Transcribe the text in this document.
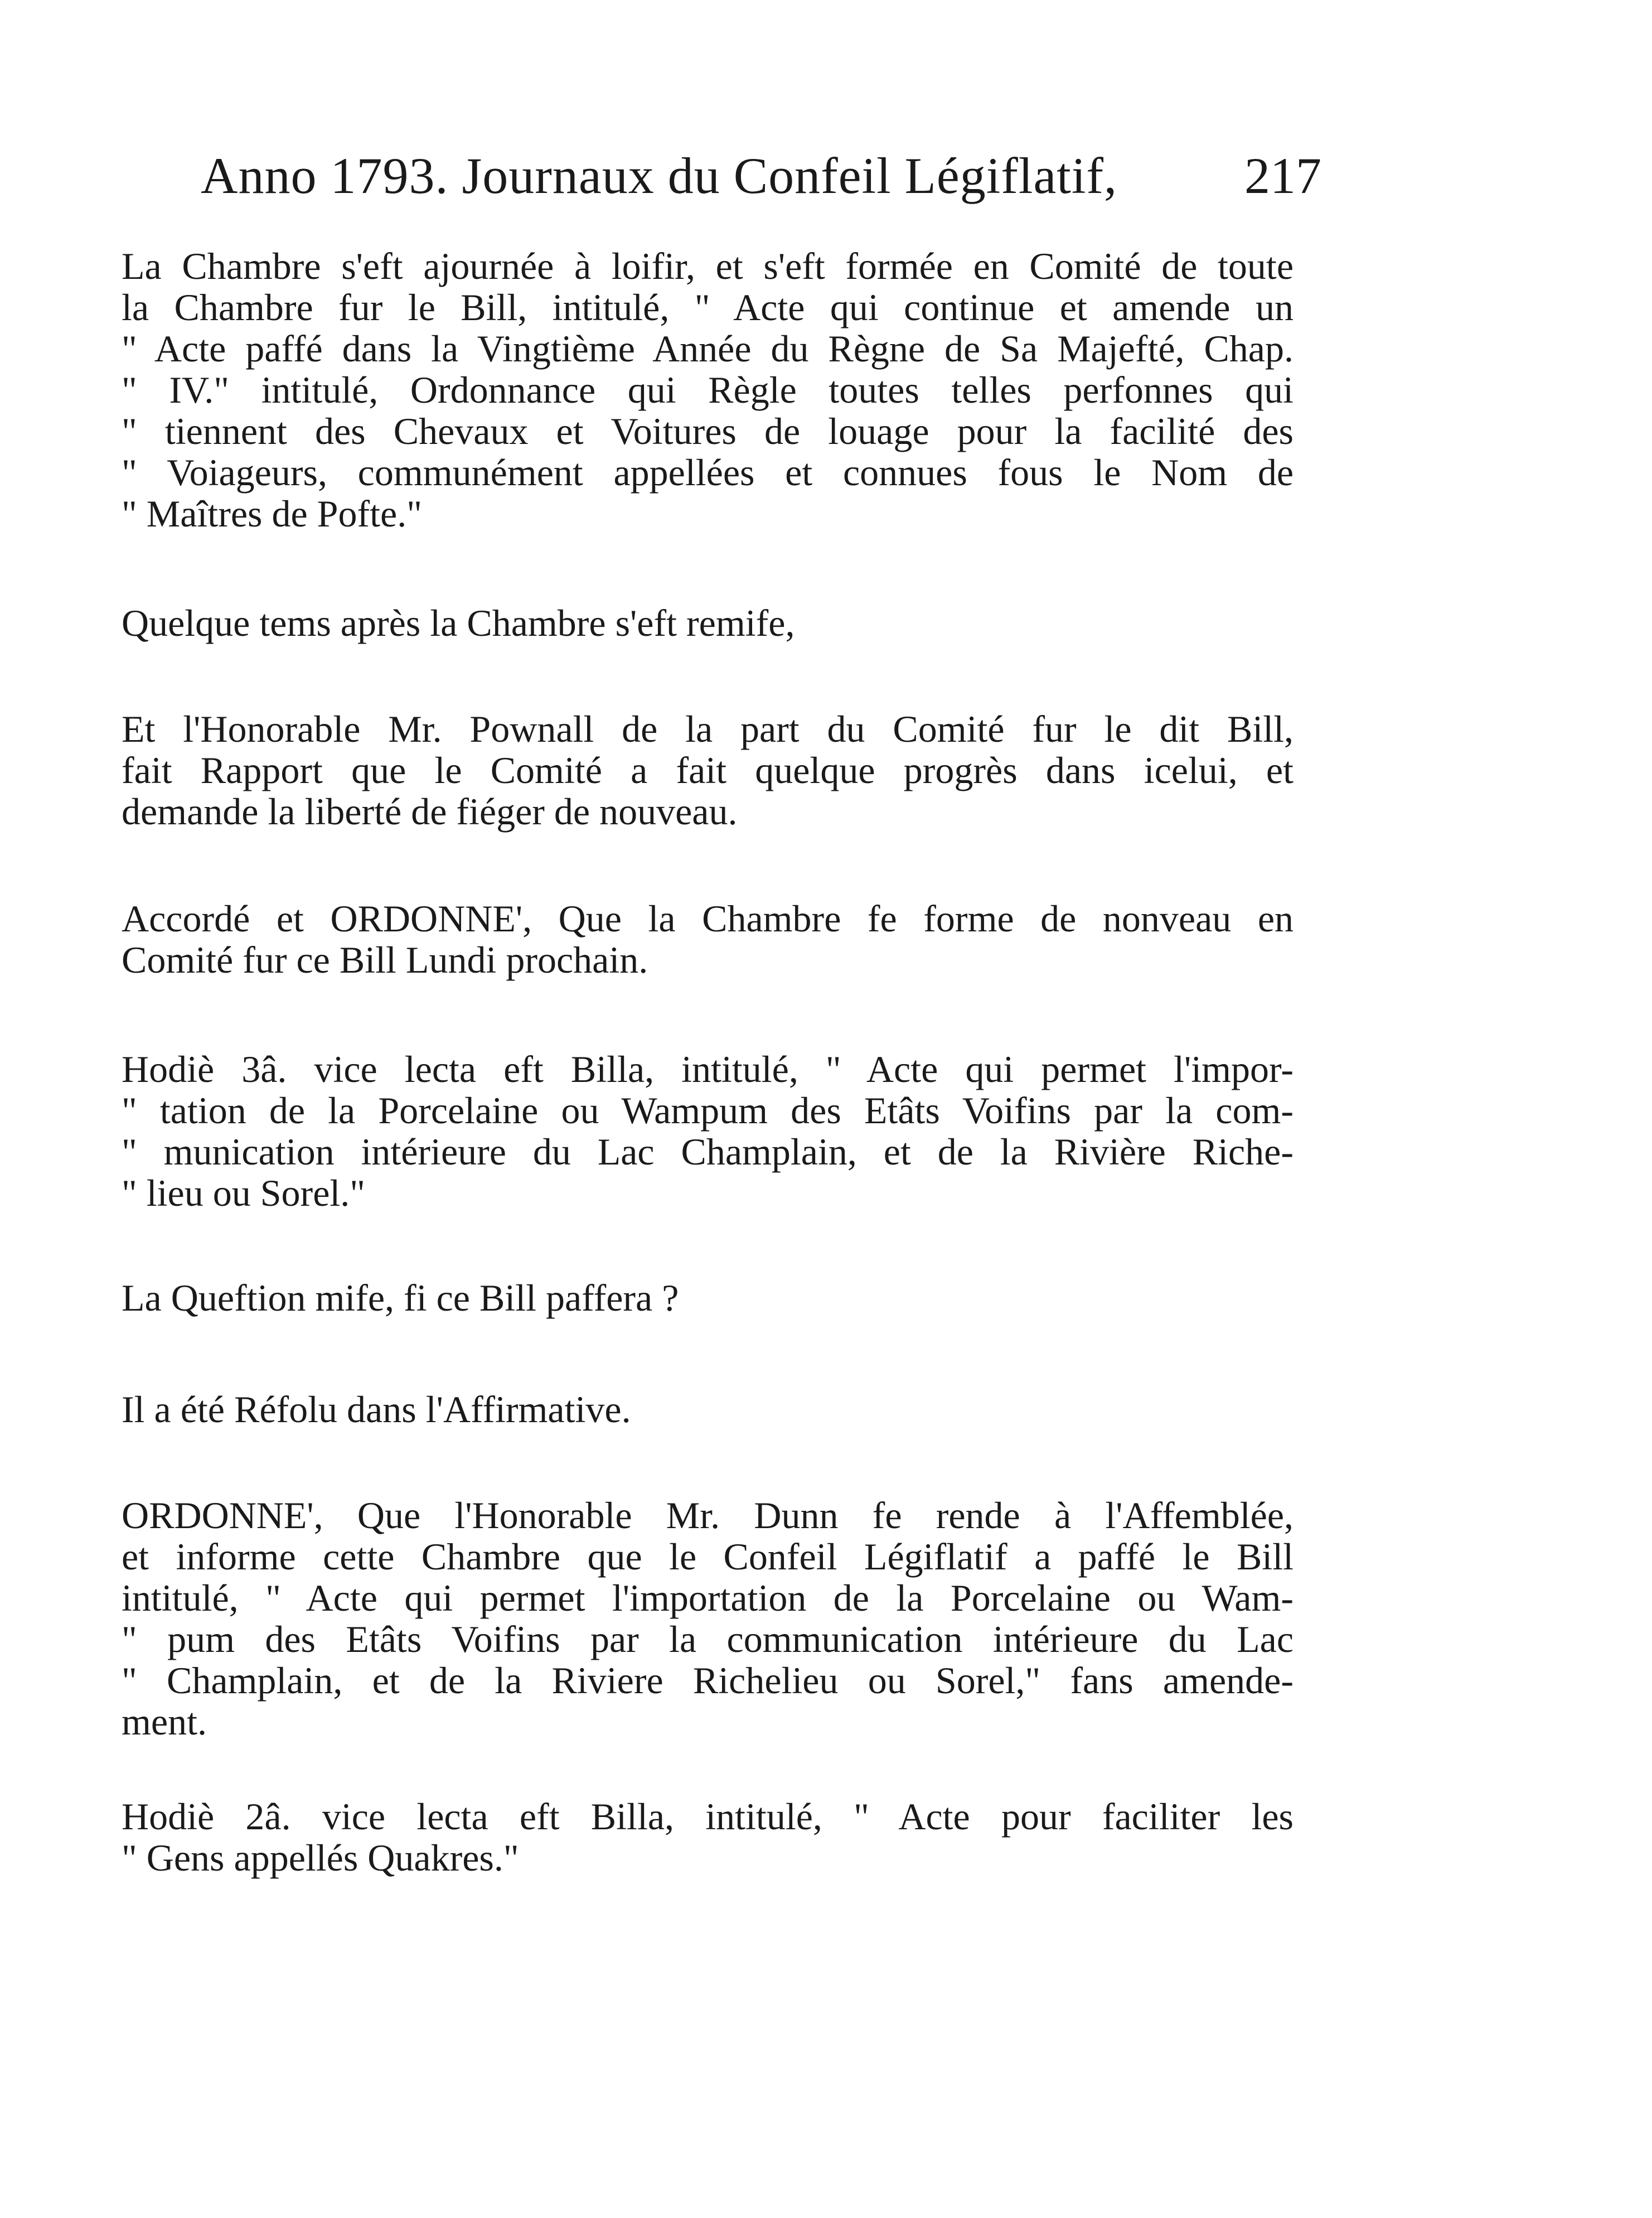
Anno 1793. Journaux du Confeil Légiflatif, 217
La Chambre s'eft ajournée à loifir, et s'eft formée en Comité de toute
la Chambre fur le Bill, intitulé, " Acte qui continue et amende un
" Acte paffé dans la Vingtième Année du Règne de Sa Majefté, Chap.
" IV." intitulé, Ordonnance qui Règle toutes telles perfonnes qui
" tiennent des Chevaux et Voitures de louage pour la facilité des
" Voiageurs, communément appellées et connues fous le Nom de
" Maîtres de Pofte."
Quelque tems après la Chambre s'eft remife,
Et l'Honorable Mr. Pownall de la part du Comité fur le dit Bill,
fait Rapport que le Comité a fait quelque progrès dans icelui, et
demande la liberté de fiéger de nouveau.
Accordé et ORDONNE', Que la Chambre fe forme de nonveau en
Comité fur ce Bill Lundi prochain.
Hodiè 3â. vice lecta eft Billa, intitulé, " Acte qui permet l'impor-
" tation de la Porcelaine ou Wampum des Etâts Voifins par la com-
" munication intérieure du Lac Champlain, et de la Rivière Riche-
" lieu ou Sorel."
La Queftion mife, fi ce Bill paffera ?
Il a été Réfolu dans l'Affirmative.
ORDONNE', Que l'Honorable Mr. Dunn fe rende à l'Affemblée,
et informe cette Chambre que le Confeil Légiflatif a paffé le Bill
intitulé, " Acte qui permet l'importation de la Porcelaine ou Wam-
" pum des Etâts Voifins par la communication intérieure du Lac
" Champlain, et de la Riviere Richelieu ou Sorel," fans amende-
ment.
Hodiè 2â. vice lecta eft Billa, intitulé, " Acte pour faciliter les
" Gens appellés Quakres."
